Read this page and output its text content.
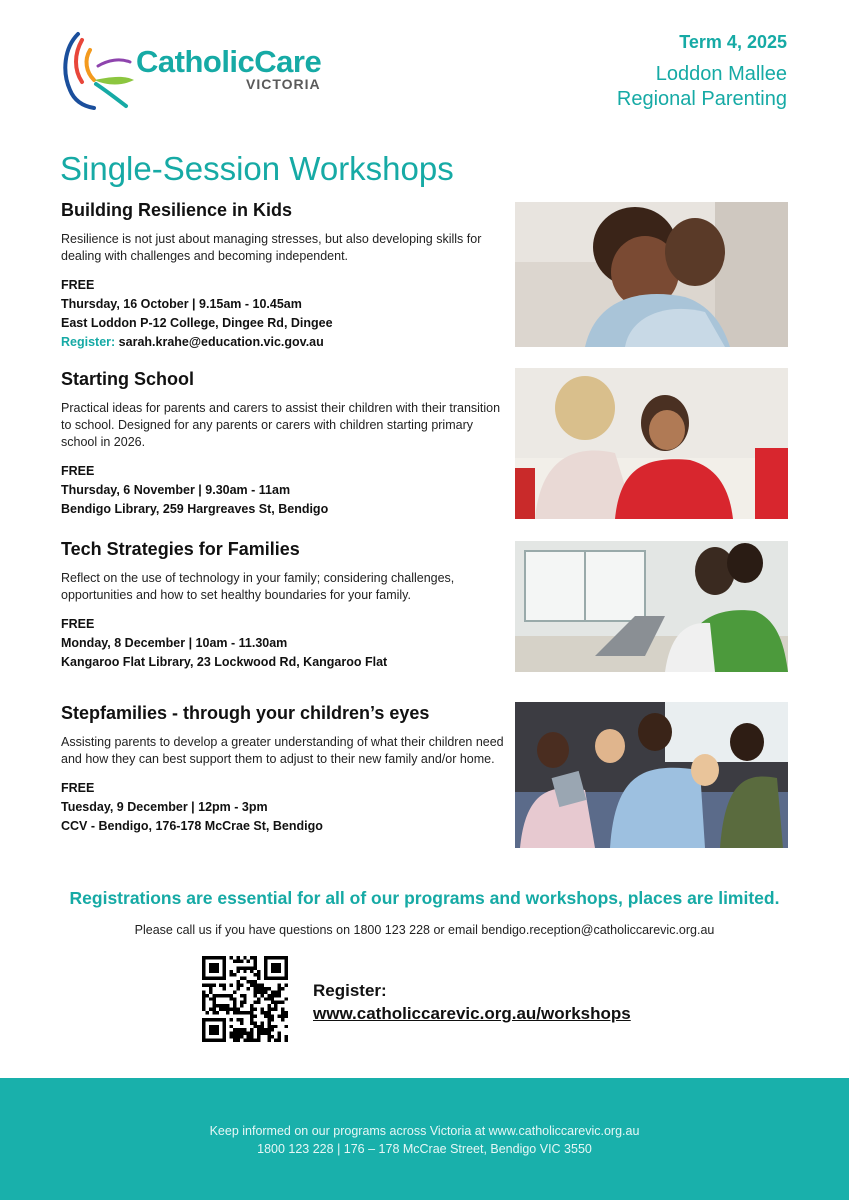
CatholicCare
VICTORIA
Term 4, 2025
Loddon Mallee
Regional Parenting
Single-Session Workshops
Building Resilience in Kids

Resilience is not just about managing stresses, but also developing skills for dealing with challenges and becoming independent.

FREE
Thursday, 16 October | 9.15am - 10.45am
East Loddon P-12 College, Dingee Rd, Dingee
Register: sarah.krahe@education.vic.gov.au
Starting School

Practical ideas for parents and carers to assist their children with their transition to school. Designed for any parents or carers with children starting primary school in 2026.

FREE
Thursday, 6 November | 9.30am - 11am
Bendigo Library, 259 Hargreaves St, Bendigo
Tech Strategies for Families

Reflect on the use of technology in your family; considering challenges, opportunities and how to set healthy boundaries for your family.

FREE
Monday, 8 December | 10am - 11.30am
Kangaroo Flat Library, 23 Lockwood Rd, Kangaroo Flat
Stepfamilies - through your children’s eyes

Assisting parents to develop a greater understanding of what their children need and how they can best support them to adjust to their new family and/or home.

FREE
Tuesday, 9 December | 12pm - 3pm
CCV - Bendigo, 176-178 McCrae St, Bendigo
Registrations are essential for all of our programs and workshops, places are limited.
Please call us if you have questions on 1800 123 228 or email bendigo.reception@catholiccarevic.org.au
Register:
www.catholiccarevic.org.au/workshops
Keep informed on our programs across Victoria at www.catholiccarevic.org.au
1800 123 228 | 176 – 178 McCrae Street, Bendigo VIC 3550
